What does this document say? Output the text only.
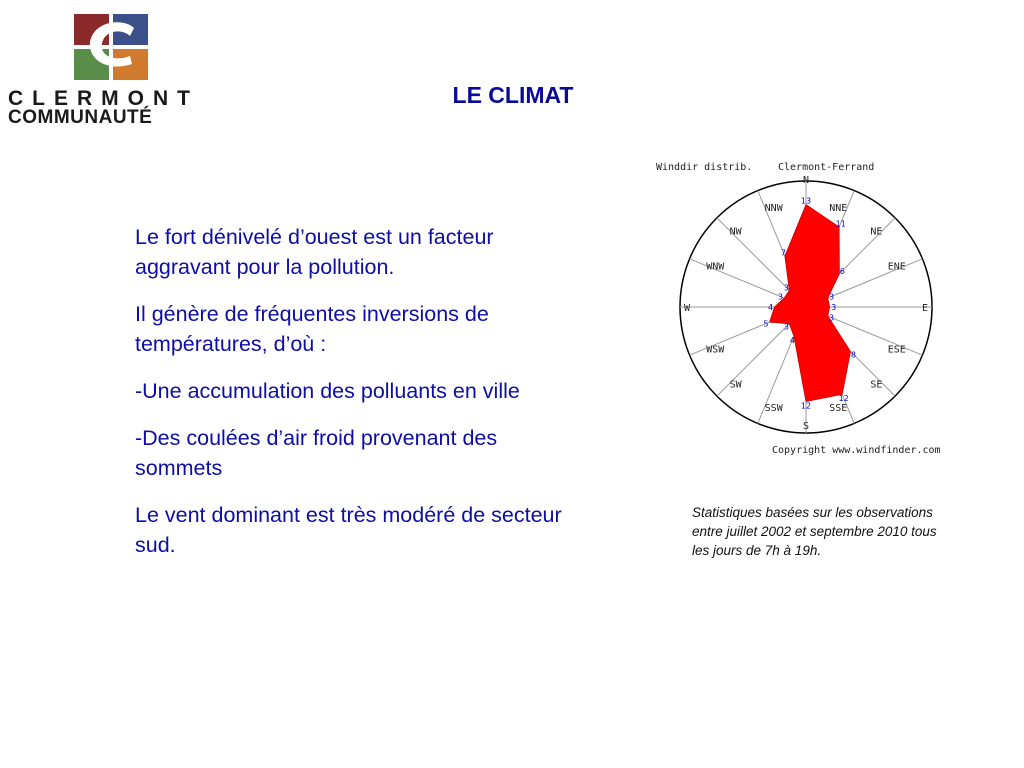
CLERMONT
COMMUNAUTÉ
LE CLIMAT

Le fort dénivelé d’ouest est un facteur aggravant pour la pollution.

Il génère de fréquentes inversions de températures, d’où :

-Une accumulation des polluants en ville

-Des coulées d’air froid provenant des sommets

Le vent dominant est très modéré de secteur sud.

Winddir distrib.	Clermont-Ferrand
N
NNE
NE
ENE
E
ESE
SE
SSE
S
SSW
SW
WSW
W
WNW
NW
NNW
13
11
6
3
3
3
8
12
12
4
3
5
4
3
3
7
Copyright www.windfinder.com
Statistiques basées sur les observations entre juillet 2002 et septembre 2010 tous les jours de 7h à 19h.
